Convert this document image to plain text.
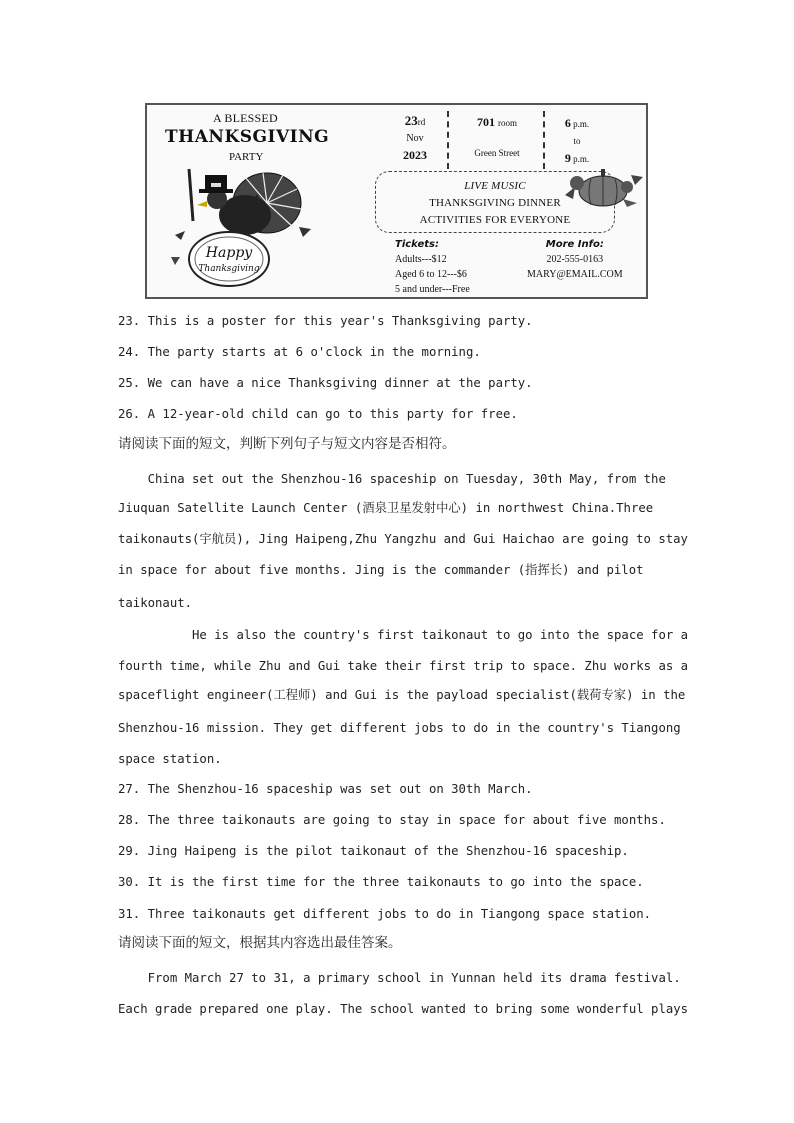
A BLESSED
THANKSGIVING
PARTY
Happy
Thanksgiving
23rd
Nov
2023
701 room
Green Street
6 p.m.
to
9 p.m.
LIVE MUSIC
THANKSGIVING DINNER
ACTIVITIES FOR EVERYONE
Tickets:
Adults---$12
Aged 6 to 12---$6
5 and under---Free
More Info:
202-555-0163
MARY@EMAIL.COM
23. This is a poster for this year's Thanksgiving party.
24. The party starts at 6 o'clock in the morning.
25. We can have a nice Thanksgiving dinner at the party.
26. A 12-year-old child can go to this party for free.
请阅读下面的短文，判断下列句子与短文内容是否相符。
China set out the Shenzhou-16 spaceship on Tuesday, 30th May, from the
Jiuquan Satellite Launch Center (酒泉卫星发射中心) in northwest China.Three
taikonauts(宇航员), Jing Haipeng,Zhu Yangzhu and Gui Haichao are going to stay
in space for about five months. Jing is the commander (指挥长) and pilot
taikonaut.
He is also the country's first taikonaut to go into the space for a
fourth time, while Zhu and Gui take their first trip to space. Zhu works as a
spaceflight engineer(工程师) and Gui is the payload specialist(载荷专家) in the
Shenzhou-16 mission. They get different jobs to do in the country's Tiangong
space station.
27. The Shenzhou-16 spaceship was set out on 30th March.
28. The three taikonauts are going to stay in space for about five months.
29. Jing Haipeng is the pilot taikonaut of the Shenzhou-16 spaceship.
30. It is the first time for the three taikonauts to go into the space.
31. Three taikonauts get different jobs to do in Tiangong space station.
请阅读下面的短文，根据其内容选出最佳答案。
From March 27 to 31, a primary school in Yunnan held its drama festival.
Each grade prepared one play. The school wanted to bring some wonderful plays
